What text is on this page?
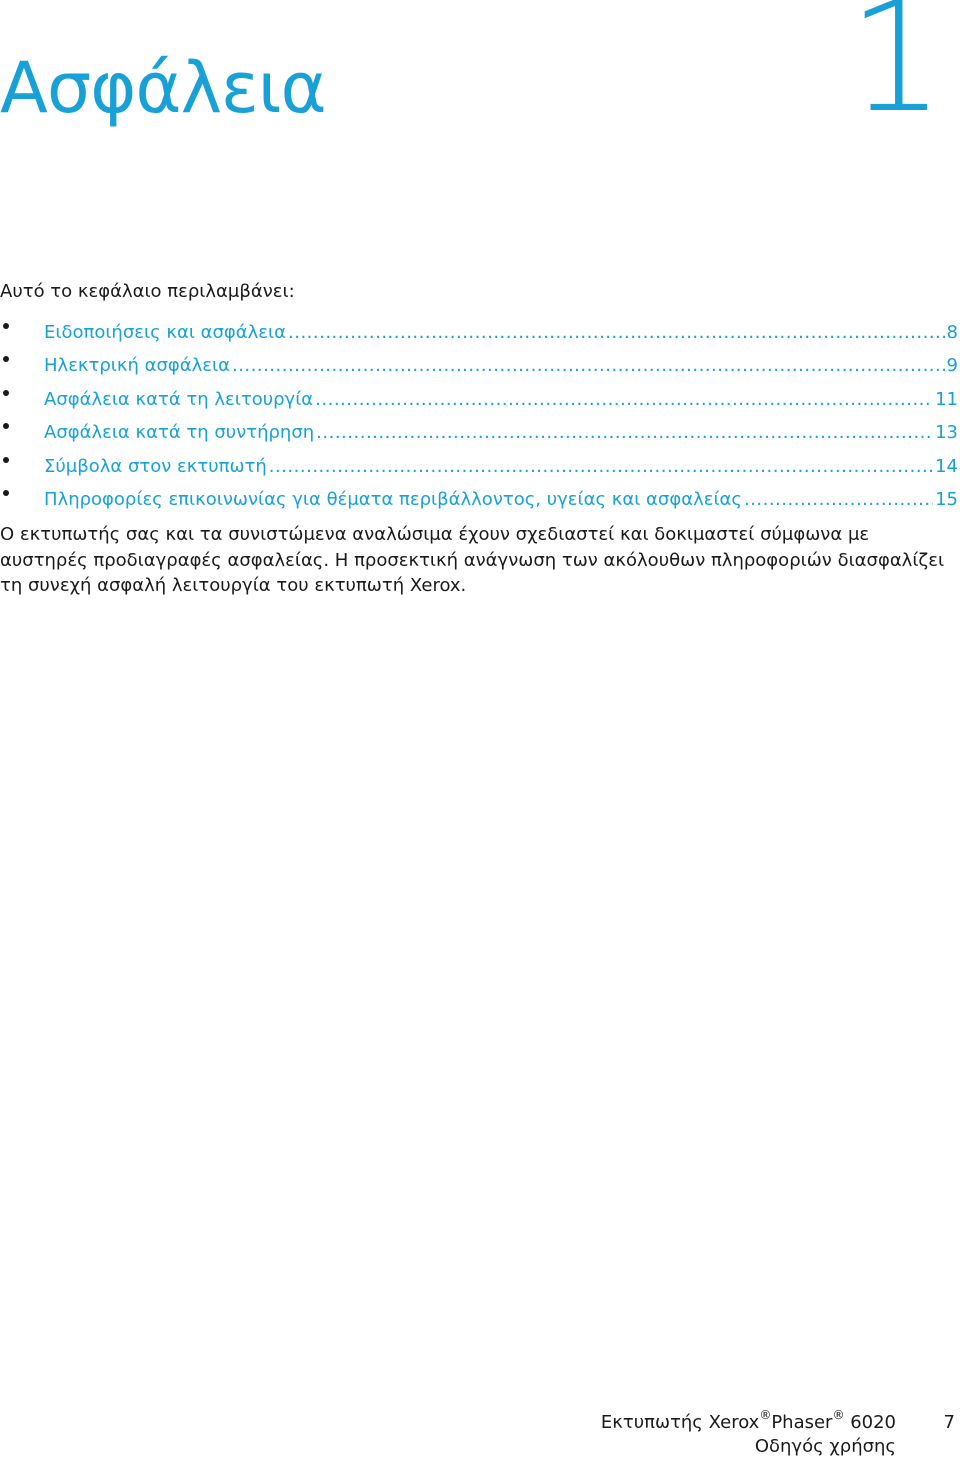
1
Ασφάλεια
Αυτό το κεφάλαιο περιλαμβάνει:
Ειδοποιήσεις και ασφάλεια .....	8
Ηλεκτρική ασφάλεια .....	9
Ασφάλεια κατά τη λειτουργία .....	11
Ασφάλεια κατά τη συντήρηση .....	13
Σύμβολα στον εκτυπωτή .....	14
Πληροφορίες επικοινωνίας για θέματα περιβάλλοντος, υγείας και ασφαλείας .....	15

Ο εκτυπωτής σας και τα συνιστώμενα αναλώσιμα έχουν σχεδιαστεί και δοκιμαστεί σύμφωνα με αυστηρές προδιαγραφές ασφαλείας. Η προσεκτική ανάγνωση των ακόλουθων πληροφοριών διασφαλίζει τη συνεχή ασφαλή λειτουργία του εκτυπωτή Xerox.

Εκτυπωτής Xerox®Phaser® 6020
Οδηγός χρήσης
7
